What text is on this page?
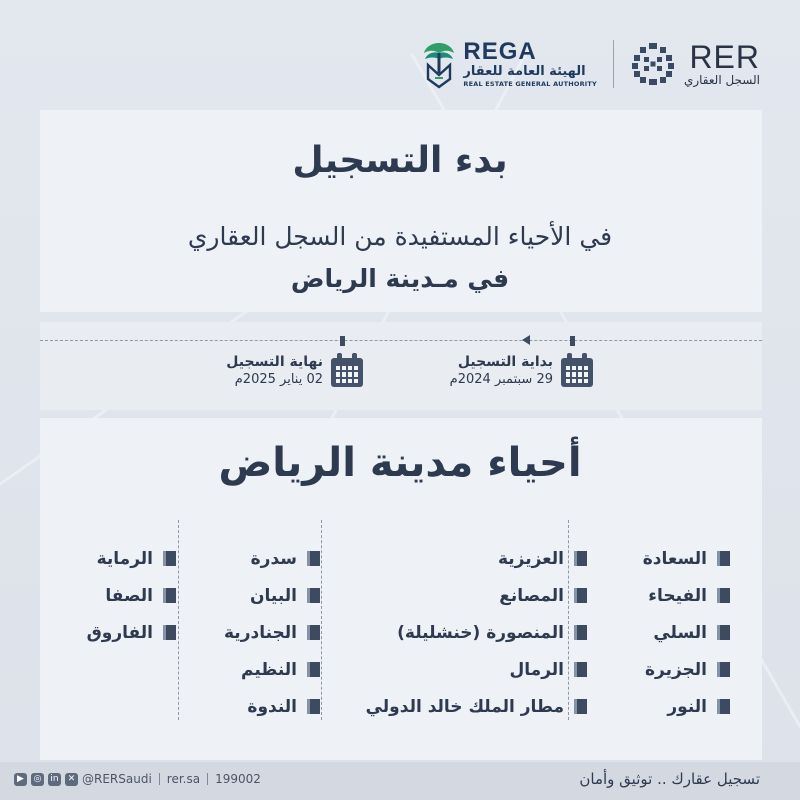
REGA
الهيئة العامة للعقار
REAL ESTATE GENERAL AUTHORITY
RER
السجل العقاري
بدء التسجيل
في الأحياء المستفيدة من السجل العقاري
في مـدينة الرياض
بداية التسجيل
29 سبتمبر 2024م
نهاية التسجيل
02 يناير 2025م
أحياء مدينة الرياض
السعادة
الفيحاء
السلي
الجزيرة
النور
العزيزية
المصانع
المنصورة (خنشليلة)
الرمال
مطار الملك خالد الدولي
سدرة
البيان
الجنادرية
النظيم
الندوة
الرماية
الصفا
الفاروق
▶	◎ in	✕ @RERSaudi rer.sa 199002	تسجيل عقارك .. توثيق وأمان
